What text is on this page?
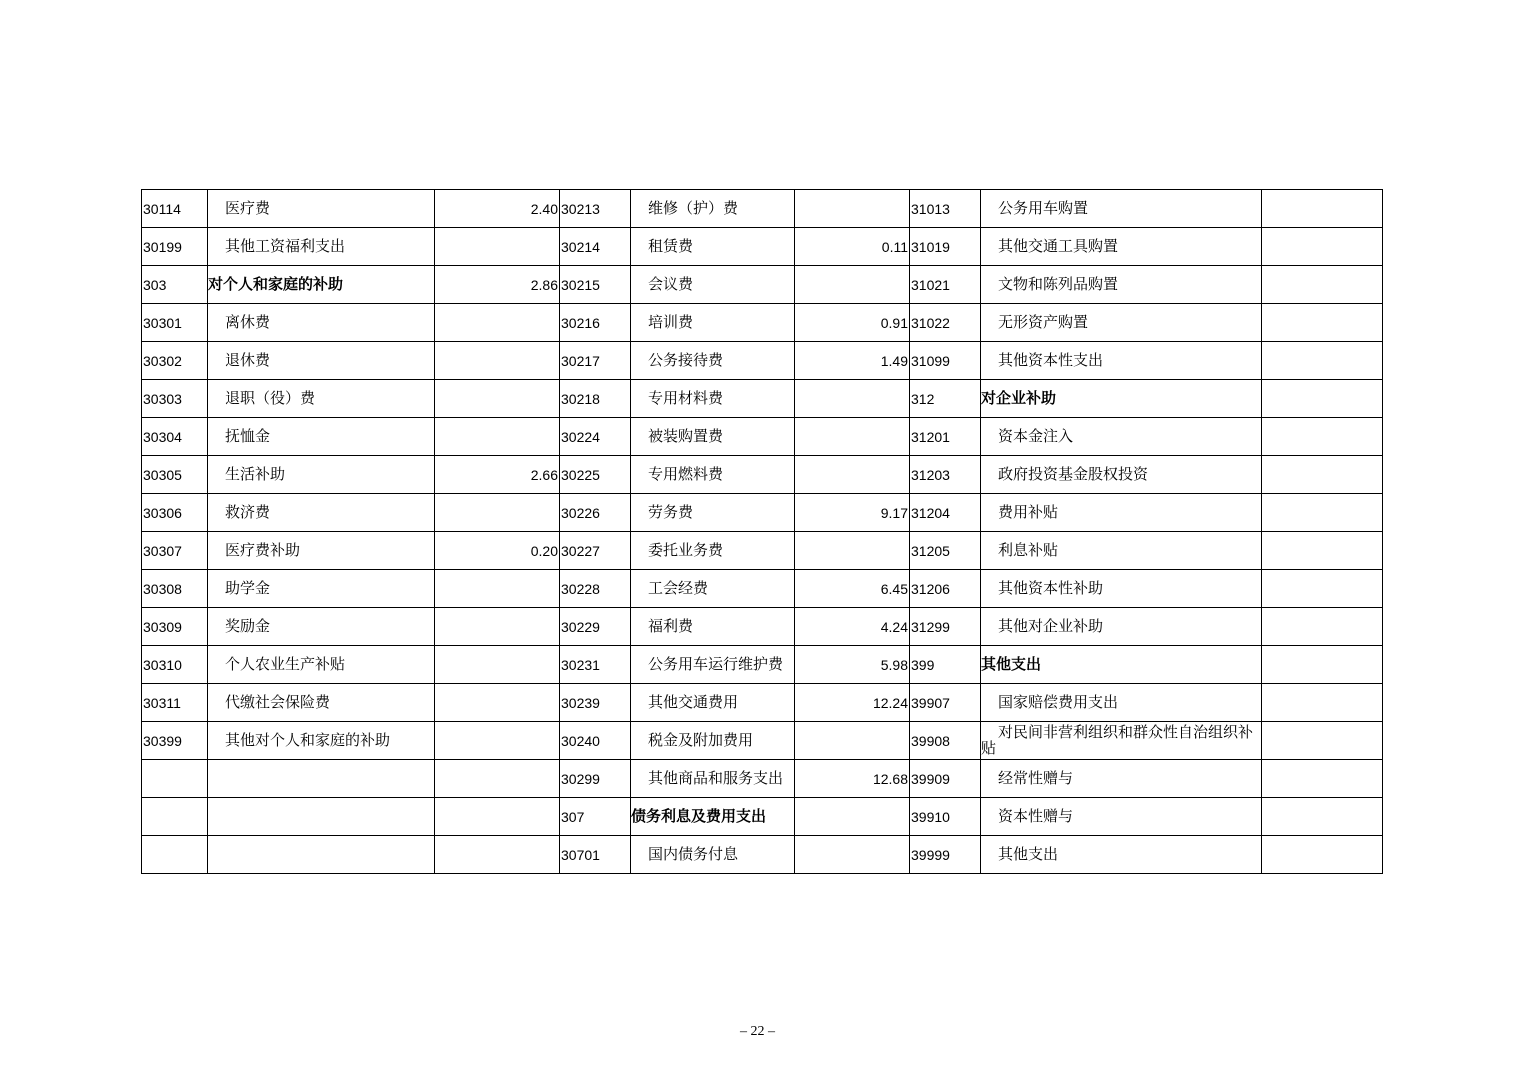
30114	医疗费	2.40	30213	维修（护）费		31013	公务用车购置	
30199	其他工资福利支出		30214	租赁费	0.11	31019	其他交通工具购置	
303	对个人和家庭的补助	2.86	30215	会议费		31021	文物和陈列品购置	
30301	离休费		30216	培训费	0.91	31022	无形资产购置	
30302	退休费		30217	公务接待费	1.49	31099	其他资本性支出	
30303	退职（役）费		30218	专用材料费		312	对企业补助	
30304	抚恤金		30224	被装购置费		31201	资本金注入	
30305	生活补助	2.66	30225	专用燃料费		31203	政府投资基金股权投资	
30306	救济费		30226	劳务费	9.17	31204	费用补贴	
30307	医疗费补助	0.20	30227	委托业务费		31205	利息补贴	
30308	助学金		30228	工会经费	6.45	31206	其他资本性补助	
30309	奖励金		30229	福利费	4.24	31299	其他对企业补助	
30310	个人农业生产补贴		30231	公务用车运行维护费	5.98	399	其他支出	
30311	代缴社会保险费		30239	其他交通费用	12.24	39907	国家赔偿费用支出	
30399	其他对个人和家庭的补助		30240	税金及附加费用		39908	对民间非营利组织和群众性自治组织补贴	
			30299	其他商品和服务支出	12.68	39909	经常性赠与	
			307	债务利息及费用支出		39910	资本性赠与	
			30701	国内债务付息		39999	其他支出	
– 22 –
